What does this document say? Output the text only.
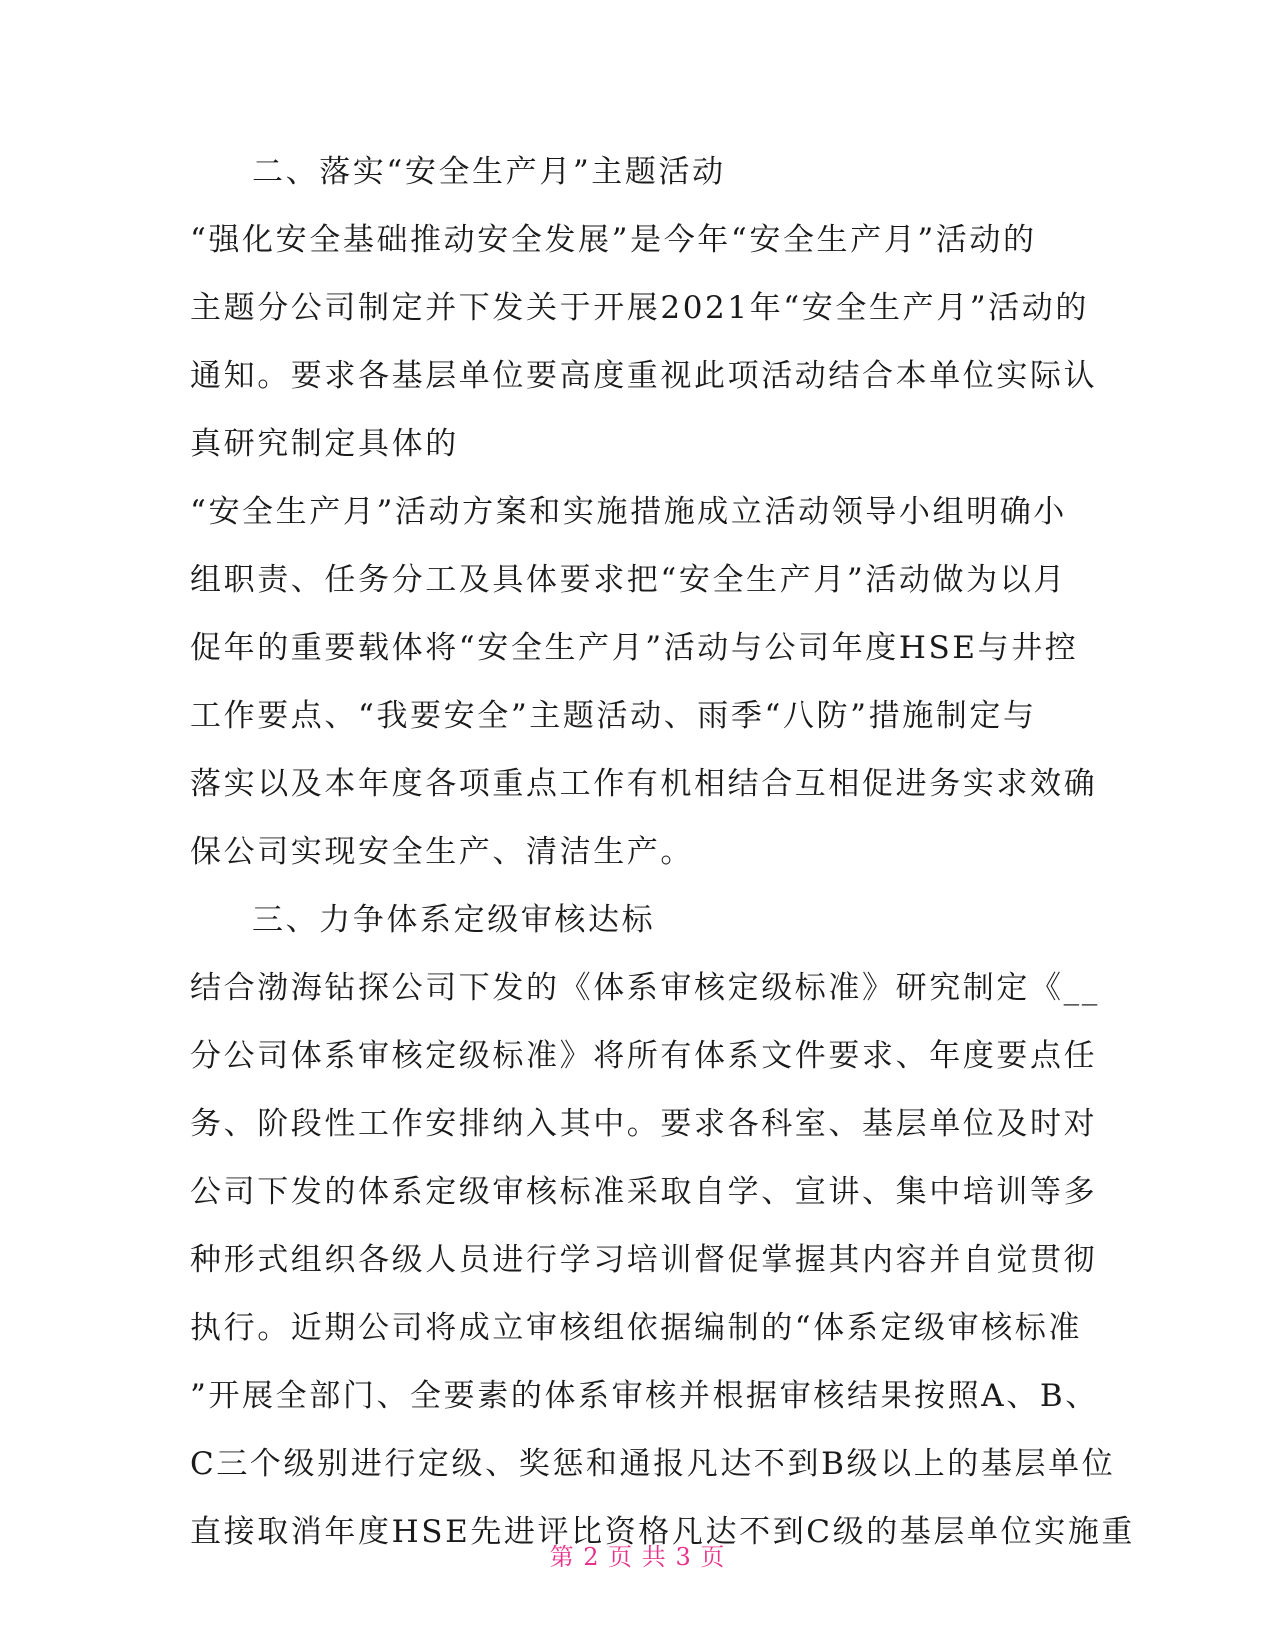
二、落实“安全生产月”主题活动
“强化安全基础推动安全发展”是今年“安全生产月”活动的
主题分公司制定并下发关于开展2021年“安全生产月”活动的
通知。要求各基层单位要高度重视此项活动结合本单位实际认
真研究制定具体的
“安全生产月”活动方案和实施措施成立活动领导小组明确小
组职责、任务分工及具体要求把“安全生产月”活动做为以月
促年的重要载体将“安全生产月”活动与公司年度HSE与井控
工作要点、“我要安全”主题活动、雨季“八防”措施制定与
落实以及本年度各项重点工作有机相结合互相促进务实求效确
保公司实现安全生产、清洁生产。
三、力争体系定级审核达标
结合渤海钻探公司下发的《体系审核定级标准》研究制定《__
分公司体系审核定级标准》将所有体系文件要求、年度要点任
务、阶段性工作安排纳入其中。要求各科室、基层单位及时对
公司下发的体系定级审核标准采取自学、宣讲、集中培训等多
种形式组织各级人员进行学习培训督促掌握其内容并自觉贯彻
执行。近期公司将成立审核组依据编制的“体系定级审核标准
”开展全部门、全要素的体系审核并根据审核结果按照A、B、
C三个级别进行定级、奖惩和通报凡达不到B级以上的基层单位
直接取消年度HSE先进评比资格凡达不到C级的基层单位实施重
第 2 页 共 3 页
